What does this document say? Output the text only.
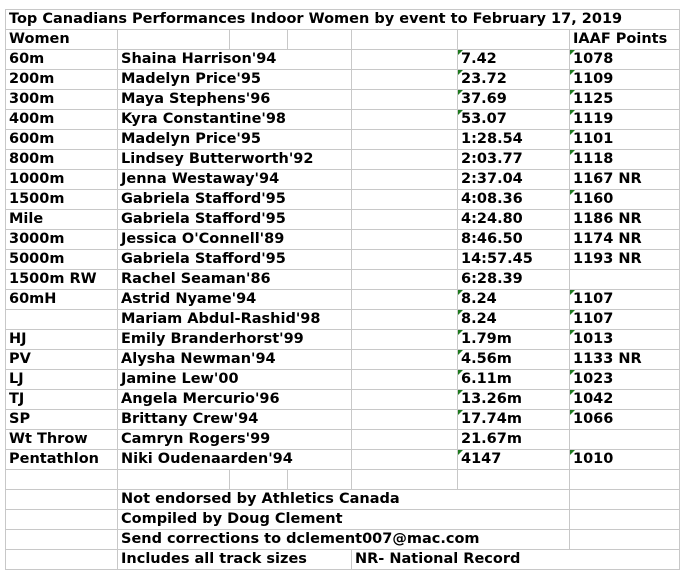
Top Canadians Performances Indoor Women by event to February 17, 2019						
Women						IAAF Points
60m	Shaina Harrison'94				7.42	1078
200m	Madelyn Price'95				23.72	1109
300m	Maya Stephens'96				37.69	1125
400m	Kyra Constantine'98				53.07	1119
600m	Madelyn Price'95				1:28.54	1101
800m	Lindsey Butterworth'92				2:03.77	1118
1000m	Jenna Westaway'94				2:37.04	1167 NR
1500m	Gabriela Stafford'95				4:08.36	1160
Mile	Gabriela Stafford'95				4:24.80	1186 NR
3000m	Jessica O'Connell'89				8:46.50	1174 NR
5000m	Gabriela Stafford'95				14:57.45	1193 NR
1500m RW	Rachel Seaman'86				6:28.39	
60mH	Astrid Nyame'94				8.24	1107
	Mariam Abdul-Rashid'98				8.24	1107
HJ	Emily Branderhorst'99				1.79m	1013
PV	Alysha Newman'94				4.56m	1133 NR
LJ	Jamine Lew'00				6.11m	1023
TJ	Angela Mercurio'96				13.26m	1042
SP	Brittany Crew'94				17.74m	1066
Wt Throw	Camryn Rogers'99				21.67m	
Pentathlon	Niki Oudenaarden'94				4147	1010

	Not endorsed by Athletics Canada					
	Compiled by Doug Clement					
	Send corrections to dclement007@mac.com					
	Includes all track sizes			NR- National Record		
